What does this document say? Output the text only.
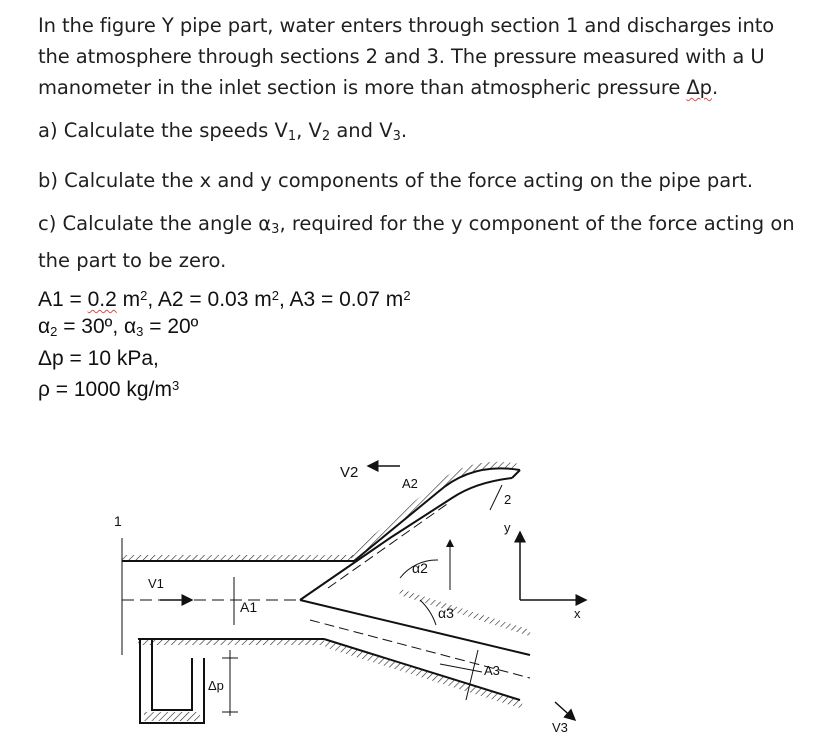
In the figure Y pipe part, water enters through section 1 and discharges into the atmosphere through sections 2 and 3. The pressure measured with a U manometer in the inlet section is more than atmospheric pressure Δp.

a) Calculate the speeds $V_1$, $V_2$ and $V_3$.

b) Calculate the x and y components of the force acting on the pipe part.

c) Calculate the angle $\alpha_3$, required for the y component of the force acting on the part to be zero.

A1 = 0.2 $m^2$, A2 = 0.03 $m^2$, A3 = 0.07 $m^2$
$\alpha_2$ = 30º, $\alpha_3$ = 20º
Δp = 10 kPa,
ρ = 1000 $kg/m^3$
1
V1
A1
Δp
V2
A2
2
α2
α3
A3
V3
y
x
